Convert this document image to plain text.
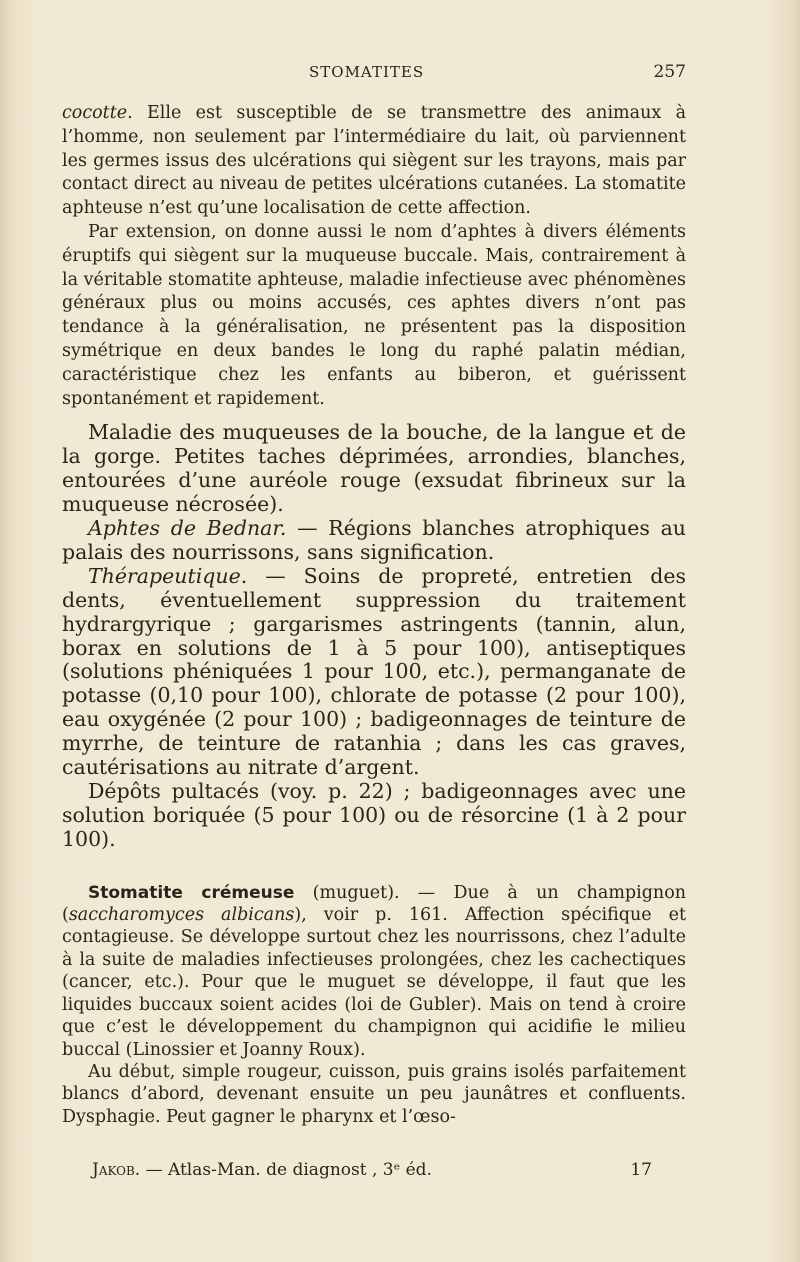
STOMATITES	257

cocotte. Elle est susceptible de se transmettre des animaux à l’homme, non seulement par l’intermédiaire du lait, où parviennent les germes issus des ulcérations qui siègent sur les trayons, mais par contact direct au niveau de petites ulcérations cutanées. La stomatite aphteuse n’est qu’une localisation de cette affection.

Par extension, on donne aussi le nom d’aphtes à divers éléments éruptifs qui siègent sur la muqueuse buccale. Mais, contrairement à la véritable stomatite aphteuse, maladie infectieuse avec phénomènes généraux plus ou moins accusés, ces aphtes divers n’ont pas tendance à la généralisation, ne présentent pas la disposition symétrique en deux bandes le long du raphé palatin médian, caractéristique chez les enfants au biberon, et guérissent spontanément et rapidement.

Maladie des muqueuses de la bouche, de la langue et de la gorge. Petites taches déprimées, arrondies, blanches, entourées d’une auréole rouge (exsudat fibrineux sur la muqueuse nécrosée).

Aphtes de Bednar. — Régions blanches atrophiques au palais des nourrissons, sans signification.

Thérapeutique. — Soins de propreté, entretien des dents, éventuellement suppression du traitement hydrargyrique ; gargarismes astringents (tannin, alun, borax en solutions de 1 à 5 pour 100), antiseptiques (solutions phéniquées 1 pour 100, etc.), permanganate de potasse (0,10 pour 100), chlorate de potasse (2 pour 100), eau oxygénée (2 pour 100) ; badigeonnages de teinture de myrrhe, de teinture de ratanhia ; dans les cas graves, cautérisations au nitrate d’argent.

Dépôts pultacés (voy. p. 22) ; badigeonnages avec une solution boriquée (5 pour 100) ou de résorcine (1 à 2 pour 100).

Stomatite crémeuse (muguet). — Due à un champignon (saccharomyces albicans), voir p. 161. Affection spécifique et contagieuse. Se développe surtout chez les nourrissons, chez l’adulte à la suite de maladies infectieuses prolongées, chez les cachectiques (cancer, etc.). Pour que le muguet se développe, il faut que les liquides buccaux soient acides (loi de Gubler). Mais on tend à croire que c’est le développement du champignon qui acidifie le milieu buccal (Linossier et Joanny Roux).

Au début, simple rougeur, cuisson, puis grains isolés parfaitement blancs d’abord, devenant ensuite un peu jaunâtres et confluents. Dysphagie. Peut gagner le pharynx et l’œso-

Jakob. — Atlas-Man. de diagnost , 3ᵉ éd.	17
